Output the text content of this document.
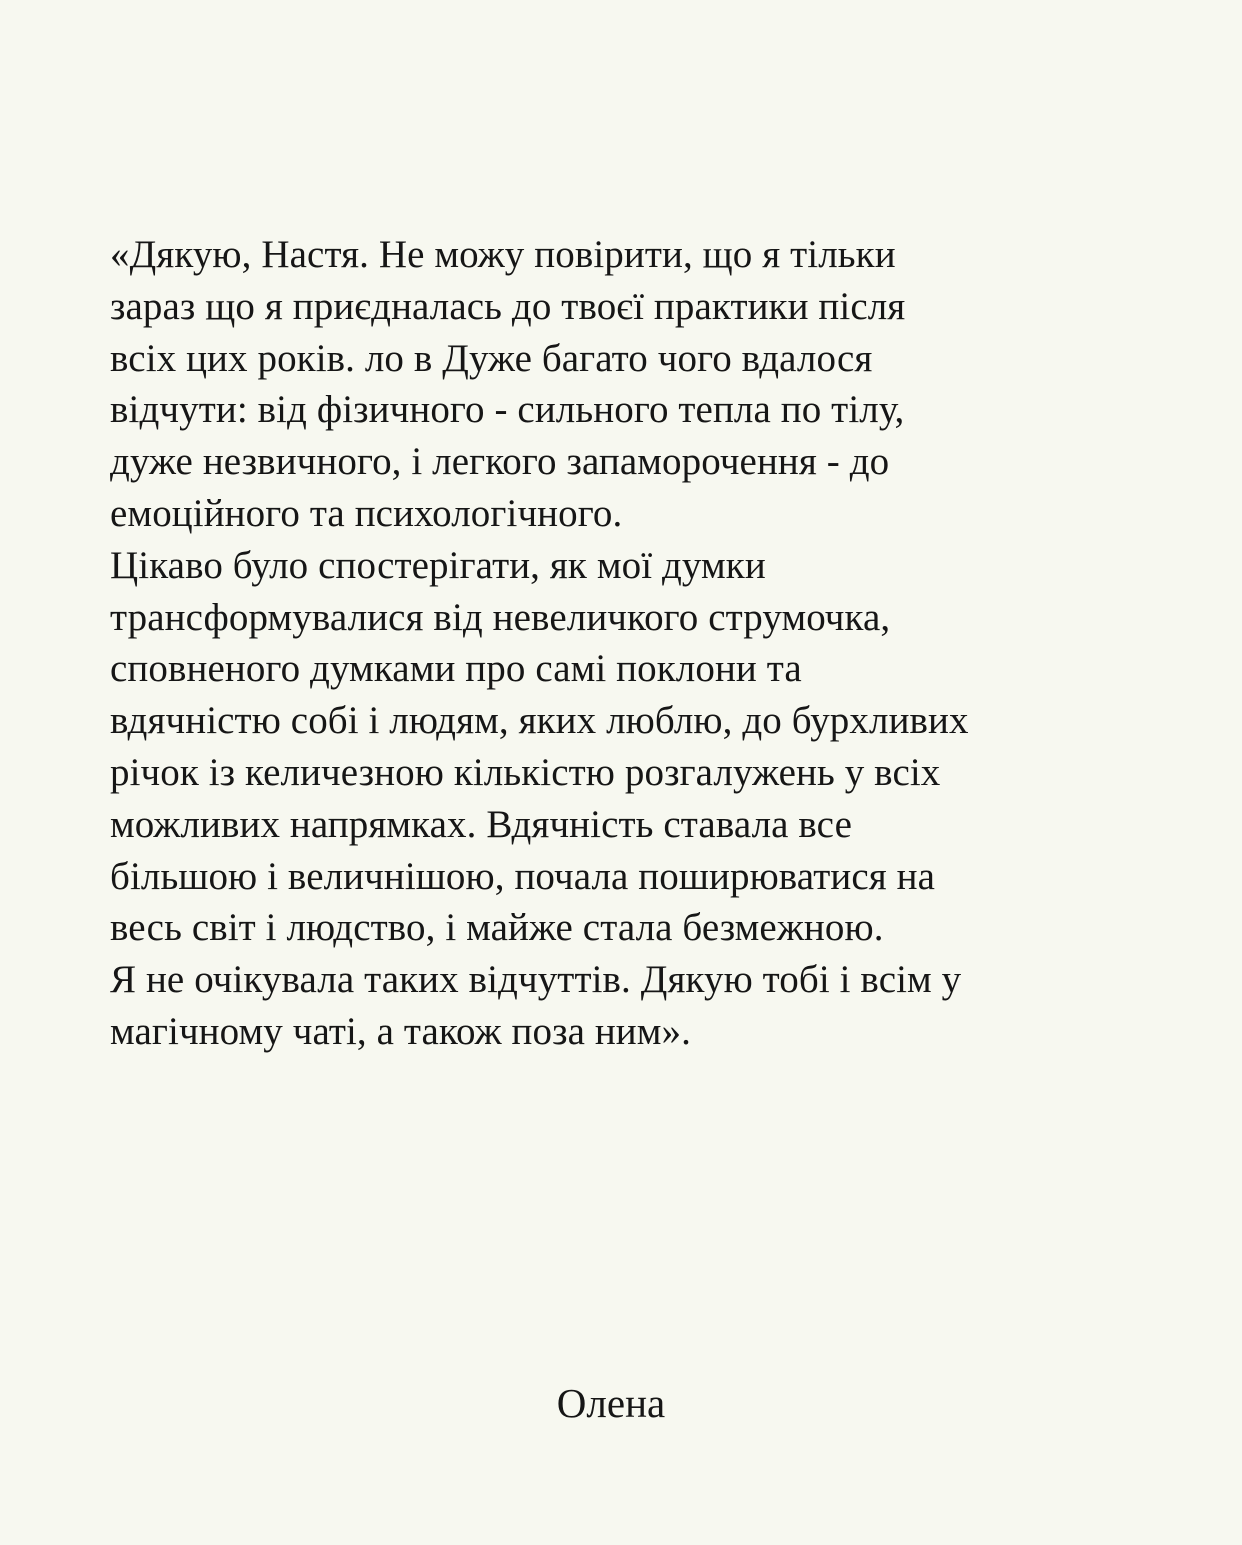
«Дякую, Настя. Не можу повірити, що я тільки
зараз що я приєдналась до твоєї практики після
всіх цих років. ло в Дуже багато чого вдалося
відчути: від фізичного - сильного тепла по тілу,
дуже незвичного, і легкого запаморочення - до
емоційного та психологічного.
Цікаво було спостерігати, як мої думки
трансформувалися від невеличкого струмочка,
сповненого думками про самі поклони та
вдячністю собі і людям, яких люблю, до бурхливих
річок із келичезною кількістю розгалужень у всіх
можливих напрямках. Вдячність ставала все
більшою і величнішою, почала поширюватися на
весь світ і людство, і майже стала безмежною.
Я не очікувала таких відчуттів. Дякую тобі і всім у
магічному чаті, а також поза ним».
Олена
